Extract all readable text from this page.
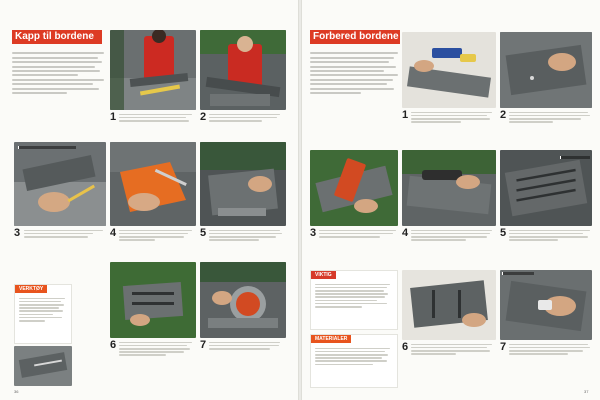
Kapp til bordene
1	2
3	4	5
VERKTØY
6	7
36
Forbered bordene
1	2
3	4	5
VIKTIG
MATERIALER
6	7
37
